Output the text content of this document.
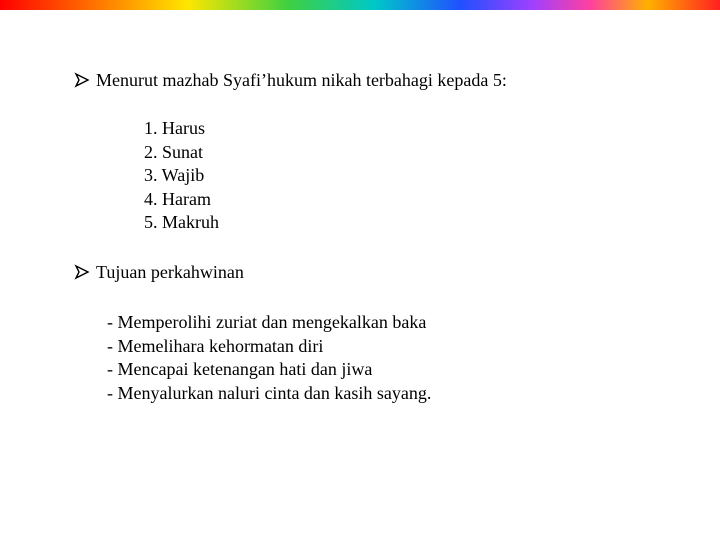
Menurut mazhab Syafi’hukum nikah terbahagi kepada 5:
1. Harus
2. Sunat
3. Wajib
4. Haram
5. Makruh
Tujuan perkahwinan
- Memperolihi zuriat dan mengekalkan baka
- Memelihara kehormatan diri
- Mencapai ketenangan hati dan jiwa
- Menyalurkan naluri cinta dan kasih sayang.
